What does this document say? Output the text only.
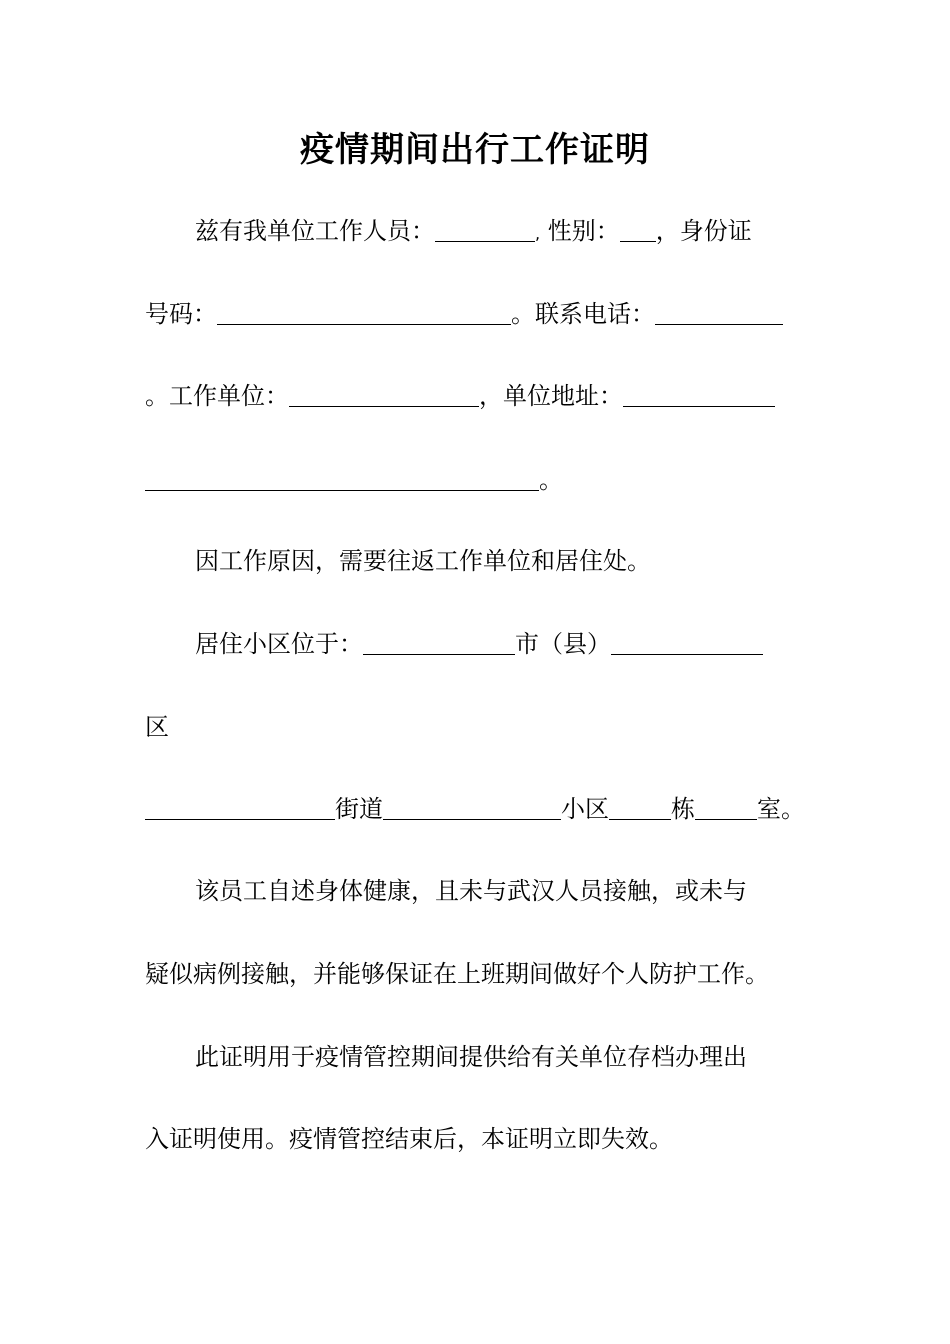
疫情期间出行工作证明
兹有我单位工作人员：	, 性别： ，身份证
号码：	。联系电话：
。工作单位：	，单位地址：
。
因工作原因，需要往返工作单位和居住处。
居住小区位于：	市（县）
区
街道	小区	栋	室。
该员工自述身体健康，且未与武汉人员接触，或未与
疑似病例接触，并能够保证在上班期间做好个人防护工作。
此证明用于疫情管控期间提供给有关单位存档办理出
入证明使用。疫情管控结束后，本证明立即失效。
